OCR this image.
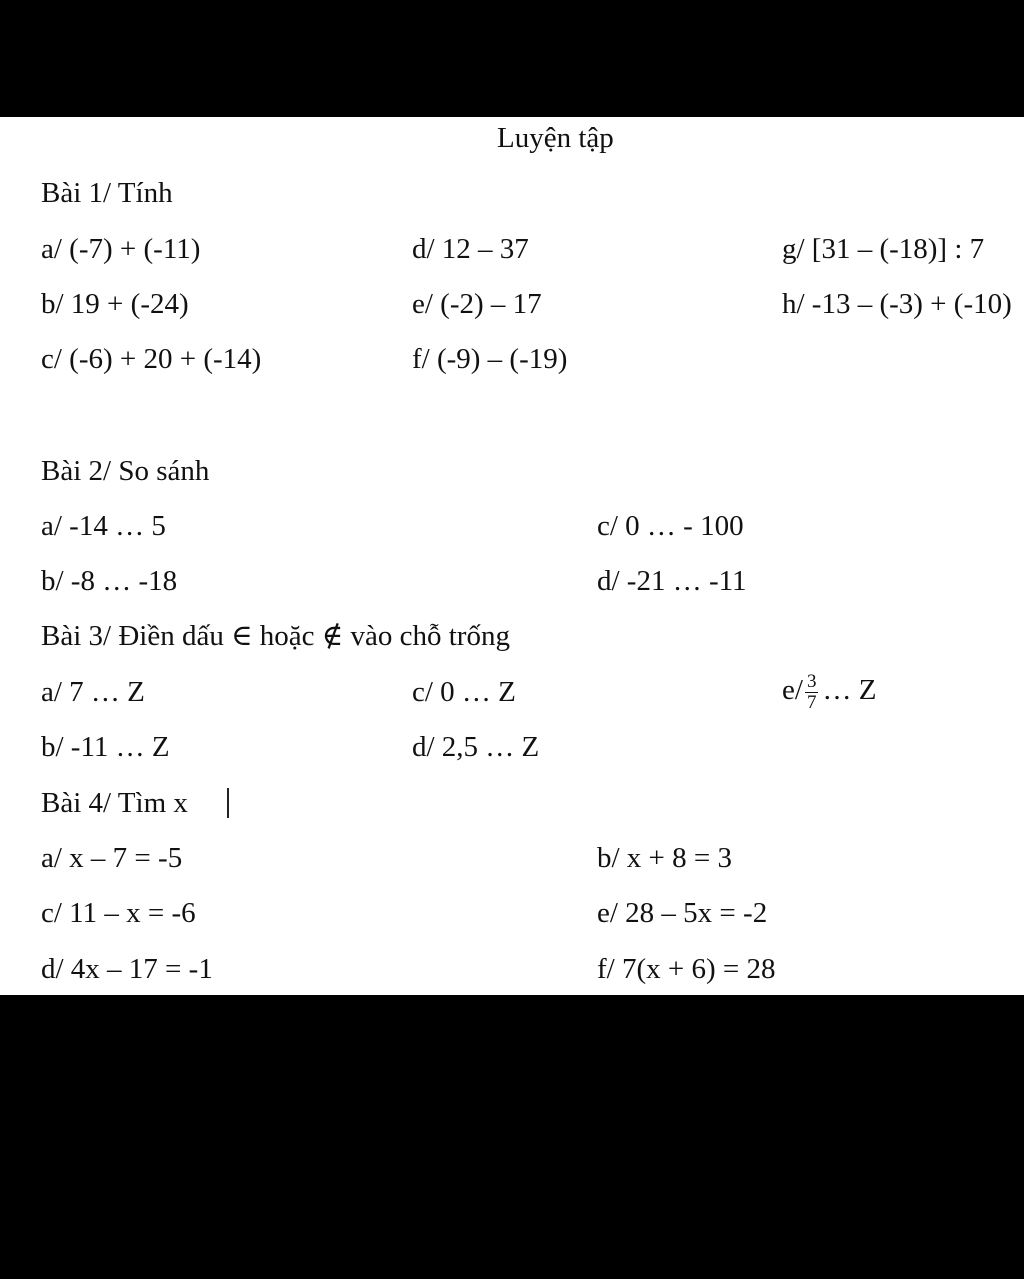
Luyện tập
Bài 1/ Tính
a/ (-7) + (-11)
b/ 19 + (-24)
c/ (-6) + 20 + (-14)
d/ 12 – 37
e/ (-2) – 17
f/ (-9) – (-19)
g/ [31 – (-18)] : 7
h/ -13 – (-3) + (-10)
Bài 2/ So sánh
a/ -14 … 5
b/ -8 … -18
c/ 0 … - 100
d/ -21 … -11
Bài 3/ Điền dấu ∈ hoặc ∉ vào chỗ trống
a/ 7 … Z
b/ -11 … Z
c/ 0 … Z
d/ 2,5 … Z
$e/ \frac{3}{7}$ … Z
Bài 4/ Tìm x
a/ x – 7 = -5
c/ 11 – x = -6
d/ 4x – 17 = -1
b/ x + 8 = 3
e/ 28 – 5x = -2
f/ 7(x + 6) = 28
